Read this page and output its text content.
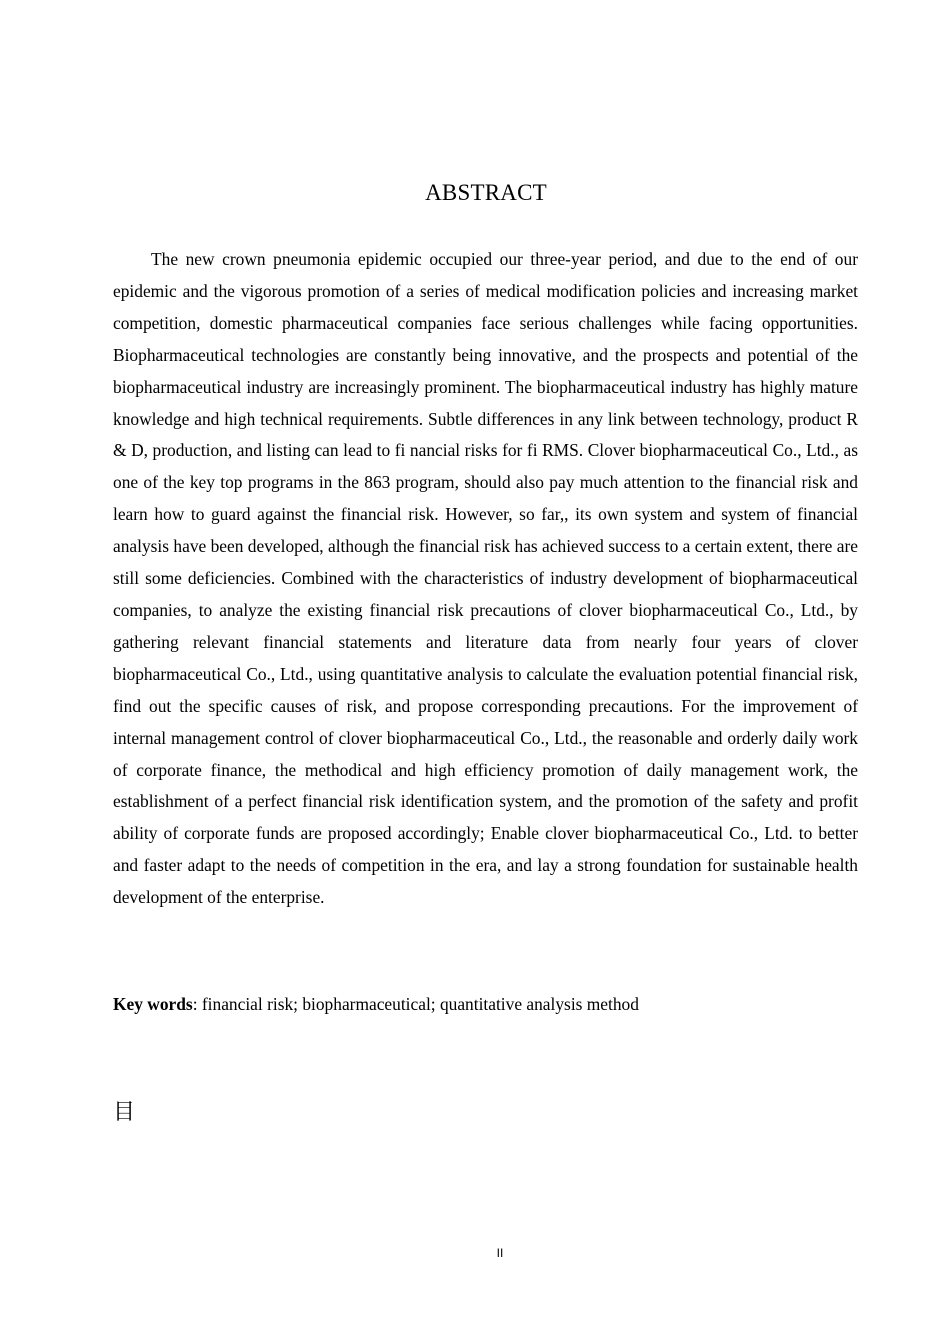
ABSTRACT

The new crown pneumonia epidemic occupied our three-year period, and due to the end of our epidemic and the vigorous promotion of a series of medical modification policies and increasing market competition, domestic pharmaceutical companies face serious challenges while facing opportunities. Biopharmaceutical technologies are constantly being innovative, and the prospects and potential of the biopharmaceutical industry are increasingly prominent. The biopharmaceutical industry has highly mature knowledge and high technical requirements. Subtle differences in any link between technology, product R & D, production, and listing can lead to fi nancial risks for fi RMS. Clover biopharmaceutical Co., Ltd., as one of the key top programs in the 863 program, should also pay much attention to the financial risk and learn how to guard against the financial risk. However, so far,, its own system and system of financial analysis have been developed, although the financial risk has achieved success to a certain extent, there are still some deficiencies. Combined with the characteristics of industry development of biopharmaceutical companies, to analyze the existing financial risk precautions of clover biopharmaceutical Co., Ltd., by gathering relevant financial statements and literature data from nearly four years of clover biopharmaceutical Co., Ltd., using quantitative analysis to calculate the evaluation potential financial risk, find out the specific causes of risk, and propose corresponding precautions. For the improvement of internal management control of clover biopharmaceutical Co., Ltd., the reasonable and orderly daily work of corporate finance, the methodical and high efficiency promotion of daily management work, the establishment of a perfect financial risk identification system, and the promotion of the safety and profit ability of corporate funds are proposed accordingly; Enable clover biopharmaceutical Co., Ltd. to better and faster adapt to the needs of competition in the era, and lay a strong foundation for sustainable health development of the enterprise.

Key words: financial risk; biopharmaceutical; quantitative analysis method

目
II
